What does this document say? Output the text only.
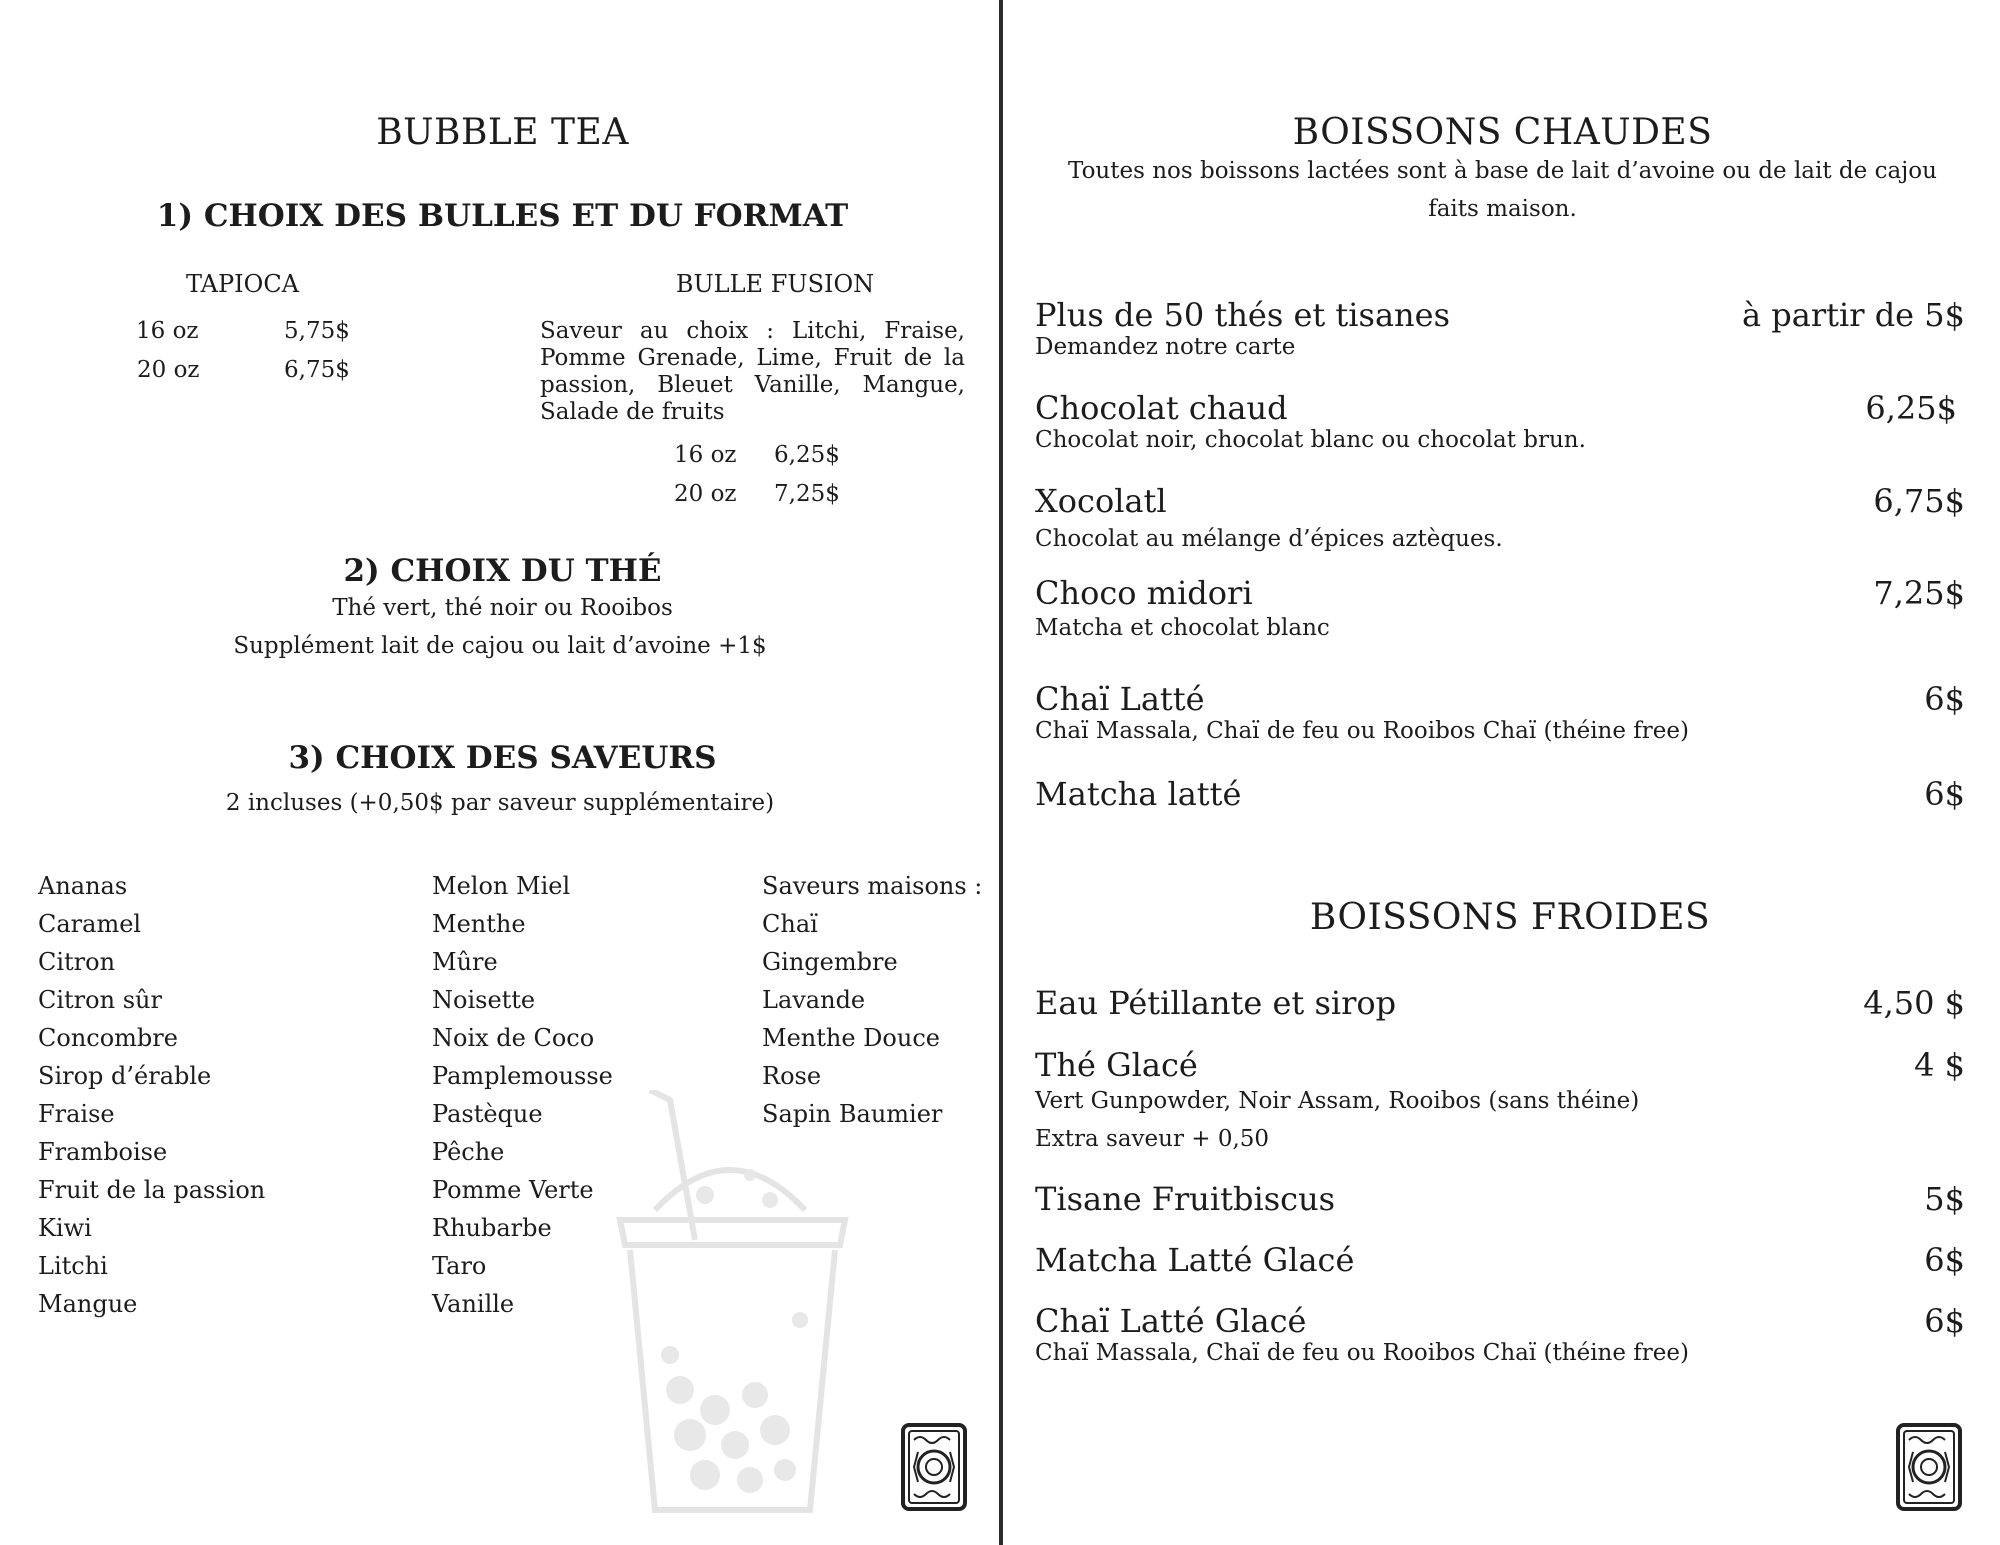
BUBBLE TEA
1) CHOIX DES BULLES ET DU FORMAT
TAPIOCA
16 oz	5,75$
20 oz	6,75$
BULLE FUSION
Saveur au choix : Litchi, Fraise, Pomme Grenade, Lime, Fruit de la passion, Bleuet Vanille, Mangue, Salade de fruits
16 oz 6,25$
20 oz 7,25$
2) CHOIX DU THÉ
Thé vert, thé noir ou Rooibos
Supplément lait de cajou ou lait d’avoine +1$
3) CHOIX DES SAVEURS
2 incluses (+0,50$ par saveur supplémentaire)
Ananas
Caramel
Citron
Citron sûr
Concombre
Sirop d’érable
Fraise
Framboise
Fruit de la passion
Kiwi
Litchi
Mangue
Melon Miel
Menthe
Mûre
Noisette
Noix de Coco
Pamplemousse
Pastèque
Pêche
Pomme Verte
Rhubarbe
Taro
Vanille
Saveurs maisons :
Chaï
Gingembre
Lavande
Menthe Douce
Rose
Sapin Baumier
BOISSONS CHAUDES
Toutes nos boissons lactées sont à base de lait d’avoine ou de lait de cajou
faits maison.
Plus de 50 thés et tisanes	à partir de 5$
Demandez notre carte
Chocolat chaud	6,25$
Chocolat noir, chocolat blanc ou chocolat brun.
Xocolatl	6,75$
Chocolat au mélange d’épices aztèques.
Choco midori	7,25$
Matcha et chocolat blanc
Chaï Latté	6$
Chaï Massala, Chaï de feu ou Rooibos Chaï (théine free)
Matcha latté	6$
BOISSONS FROIDES
Eau Pétillante et sirop	4,50 $
Thé Glacé	4 $
Vert Gunpowder, Noir Assam, Rooibos (sans théine)
Extra saveur + 0,50
Tisane Fruitbiscus	5$
Matcha Latté Glacé	6$
Chaï Latté Glacé	6$
Chaï Massala, Chaï de feu ou Rooibos Chaï (théine free)
